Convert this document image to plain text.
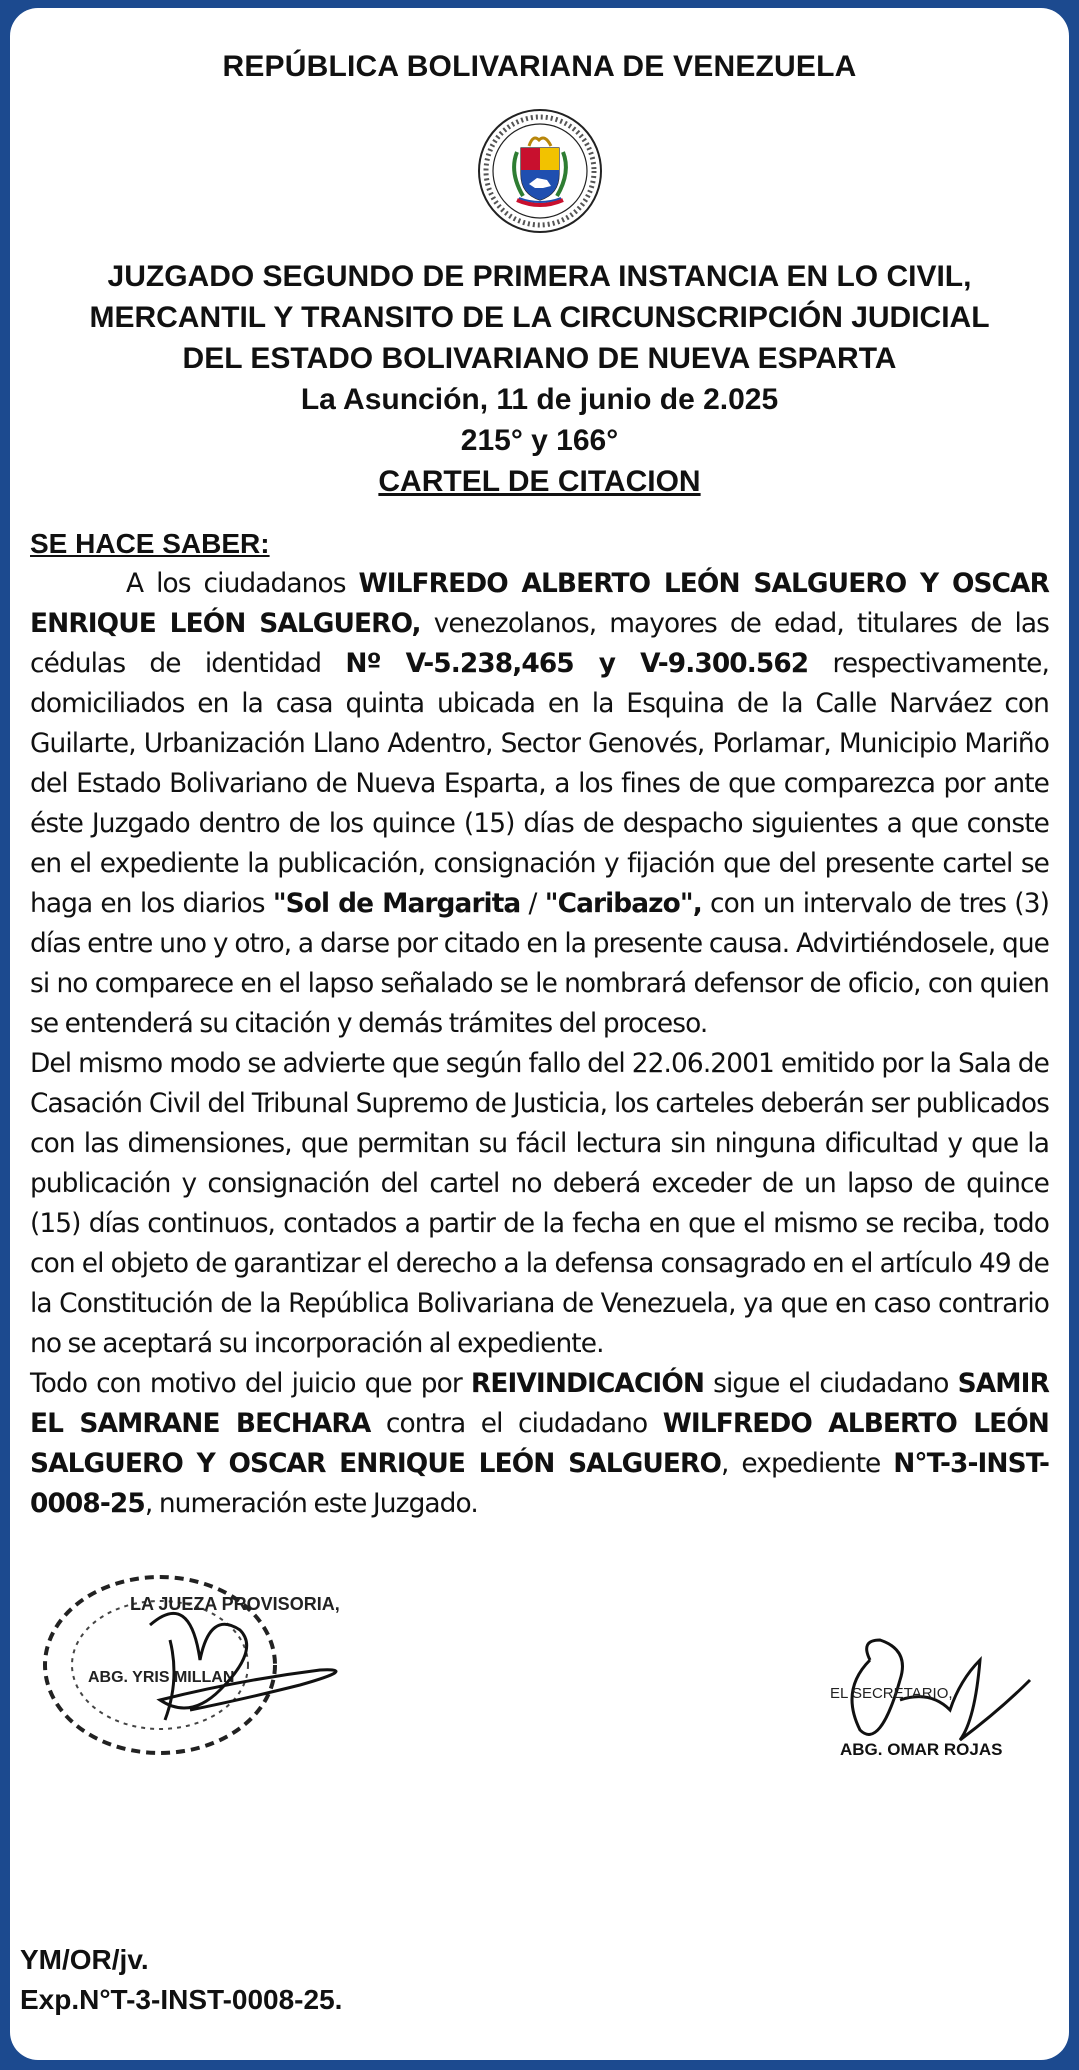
REPÚBLICA BOLIVARIANA DE VENEZUELA
JUZGADO SEGUNDO DE PRIMERA INSTANCIA EN LO CIVIL,
MERCANTIL Y TRANSITO DE LA CIRCUNSCRIPCIÓN JUDICIAL
DEL ESTADO BOLIVARIANO DE NUEVA ESPARTA
La Asunción, 11 de junio de 2.025
215° y 166°
CARTEL DE CITACION
SE HACE SABER:

A los ciudadanos WILFREDO ALBERTO LEÓN SALGUERO Y OSCAR ENRIQUE LEÓN SALGUERO, venezolanos, mayores de edad, titulares de las cédulas de identidad Nº V-5.238,465 y V-9.300.562 respectivamente, domiciliados en la casa quinta ubicada en la Esquina de la Calle Narváez con Guilarte, Urbanización Llano Adentro, Sector Genovés, Porlamar, Municipio Mariño del Estado Bolivariano de Nueva Esparta, a los fines de que comparezca por ante éste Juzgado dentro de los quince (15) días de despacho siguientes a que conste en el expediente la publicación, consignación y fijación que del presente cartel se haga en los diarios "Sol de Margarita / "Caribazo", con un intervalo de tres (3) días entre uno y otro, a darse por citado en la presente causa. Advirtiéndosele, que si no comparece en el lapso señalado se le nombrará defensor de oficio, con quien se entenderá su citación y demás trámites del proceso.

Del mismo modo se advierte que según fallo del 22.06.2001 emitido por la Sala de Casación Civil del Tribunal Supremo de Justicia, los carteles deberán ser publicados con las dimensiones, que permitan su fácil lectura sin ninguna dificultad y que la publicación y consignación del cartel no deberá exceder de un lapso de quince (15) días continuos, contados a partir de la fecha en que el mismo se reciba, todo con el objeto de garantizar el derecho a la defensa consagrado en el artículo 49 de la Constitución de la República Bolivariana de Venezuela, ya que en caso contrario no se aceptará su incorporación al expediente.

Todo con motivo del juicio que por REIVINDICACIÓN sigue el ciudadano SAMIR EL SAMRANE BECHARA contra el ciudadano WILFREDO ALBERTO LEÓN SALGUERO Y OSCAR ENRIQUE LEÓN SALGUERO, expediente N°T-3-INST-0008-25, numeración este Juzgado.

LA JUEZA PROVISORIA,
ABG. YRIS MILLAN
EL SECRETARIO,
ABG. OMAR ROJAS
YM/OR/jv.
Exp.N°T-3-INST-0008-25.
